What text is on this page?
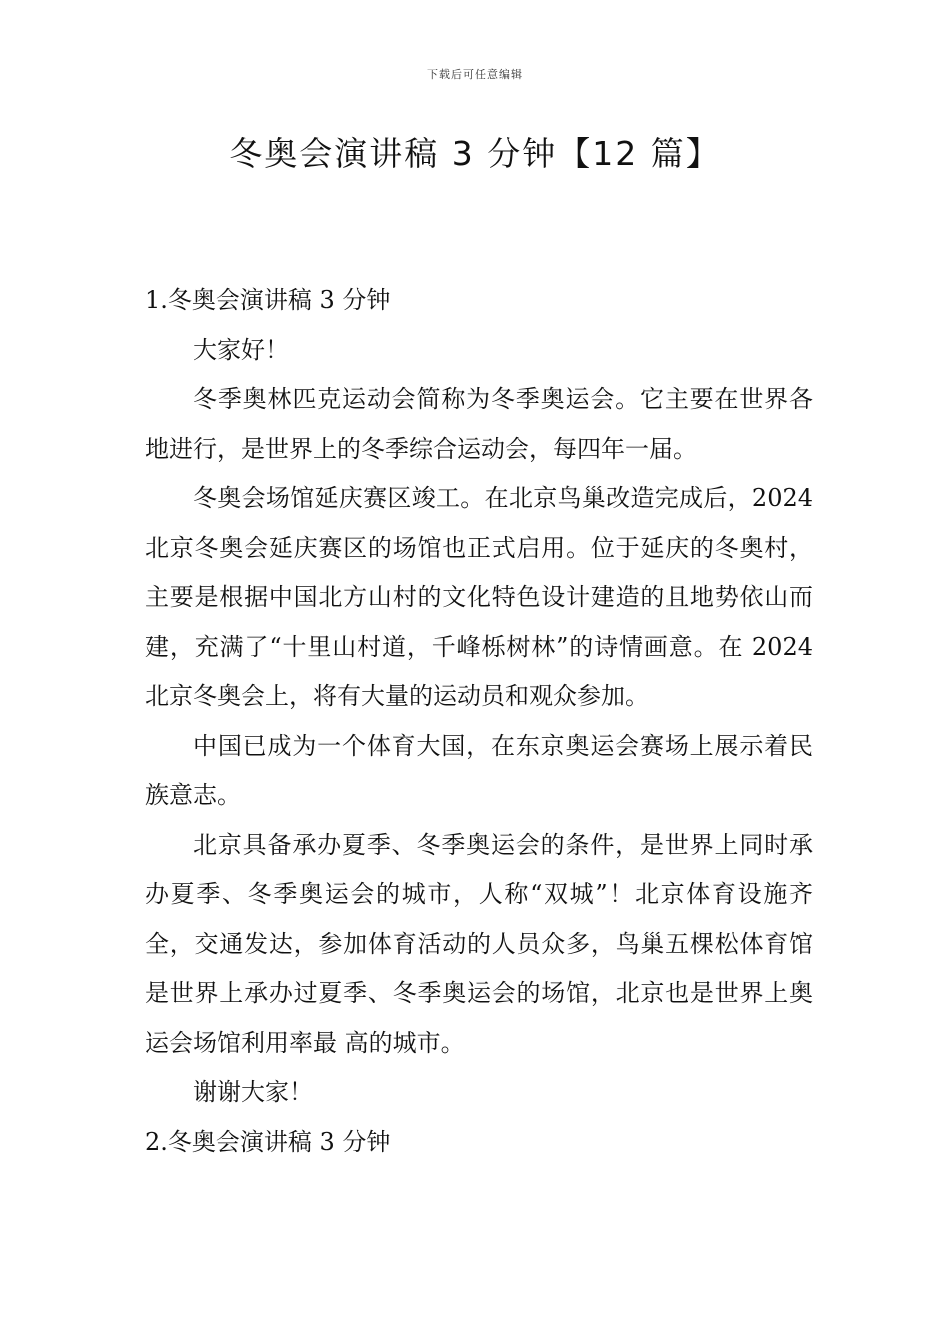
下载后可任意编辑
冬奥会演讲稿 3 分钟【12 篇】
1.冬奥会演讲稿 3 分钟

大家好！

冬季奥林匹克运动会简称为冬季奥运会。它主要在世界各地进行，是世界上的冬季综合运动会，每四年一届。

冬奥会场馆延庆赛区竣工。在北京鸟巢改造完成后，2024 北京冬奥会延庆赛区的场馆也正式启用。位于延庆的冬奥村，主要是根据中国北方山村的文化特色设计建造的且地势依山而建，充满了“十里山村道，千峰栎树林”的诗情画意。在 2024 北京冬奥会上，将有大量的运动员和观众参加。

中国已成为一个体育大国，在东京奥运会赛场上展示着民族意志。

北京具备承办夏季、冬季奥运会的条件，是世界上同时承办夏季、冬季奥运会的城市，人称“双城”！北京体育设施齐全，交通发达，参加体育活动的人员众多，鸟巢五棵松体育馆是世界上承办过夏季、冬季奥运会的场馆，北京也是世界上奥运会场馆利用率最 高的城市。

谢谢大家！

2.冬奥会演讲稿 3 分钟
